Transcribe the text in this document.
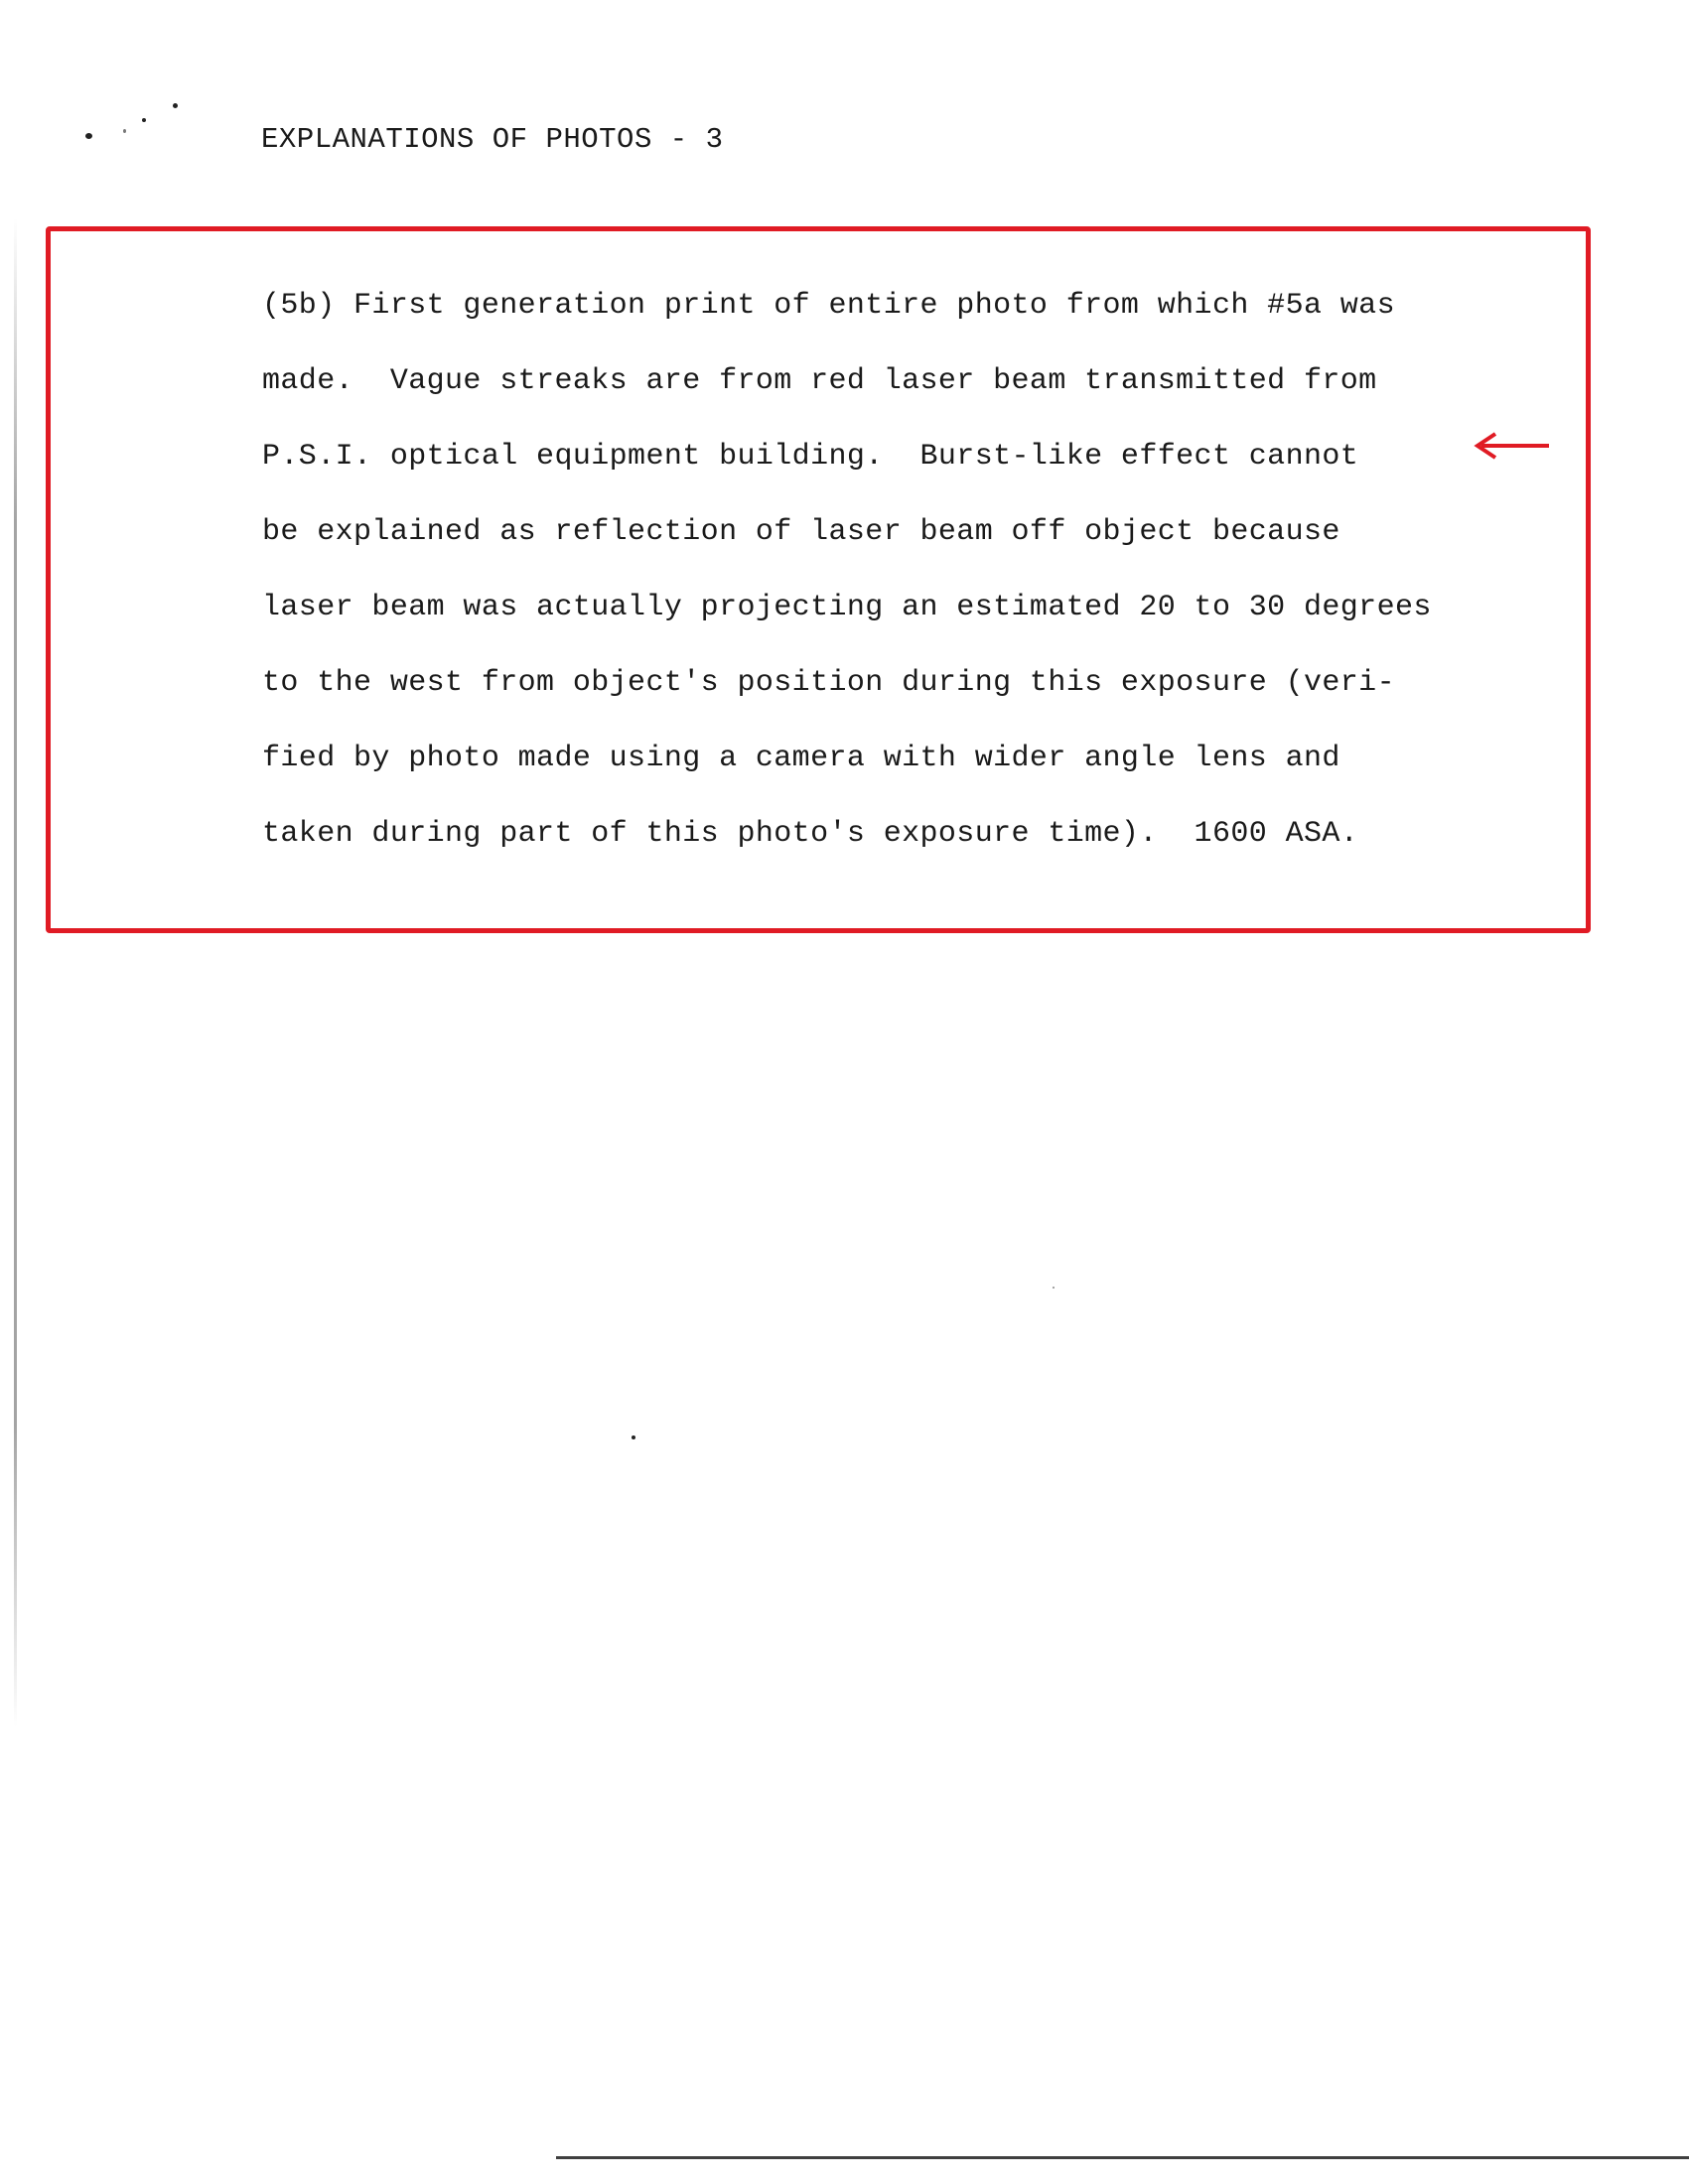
EXPLANATIONS OF PHOTOS - 3
(5b) First generation print of entire photo from which #5a was
made.  Vague streaks are from red laser beam transmitted from
P.S.I. optical equipment building.  Burst-like effect cannot
be explained as reflection of laser beam off object because
laser beam was actually projecting an estimated 20 to 30 degrees
to the west from object's position during this exposure (veri-
fied by photo made using a camera with wider angle lens and
taken during part of this photo's exposure time).  1600 ASA.
